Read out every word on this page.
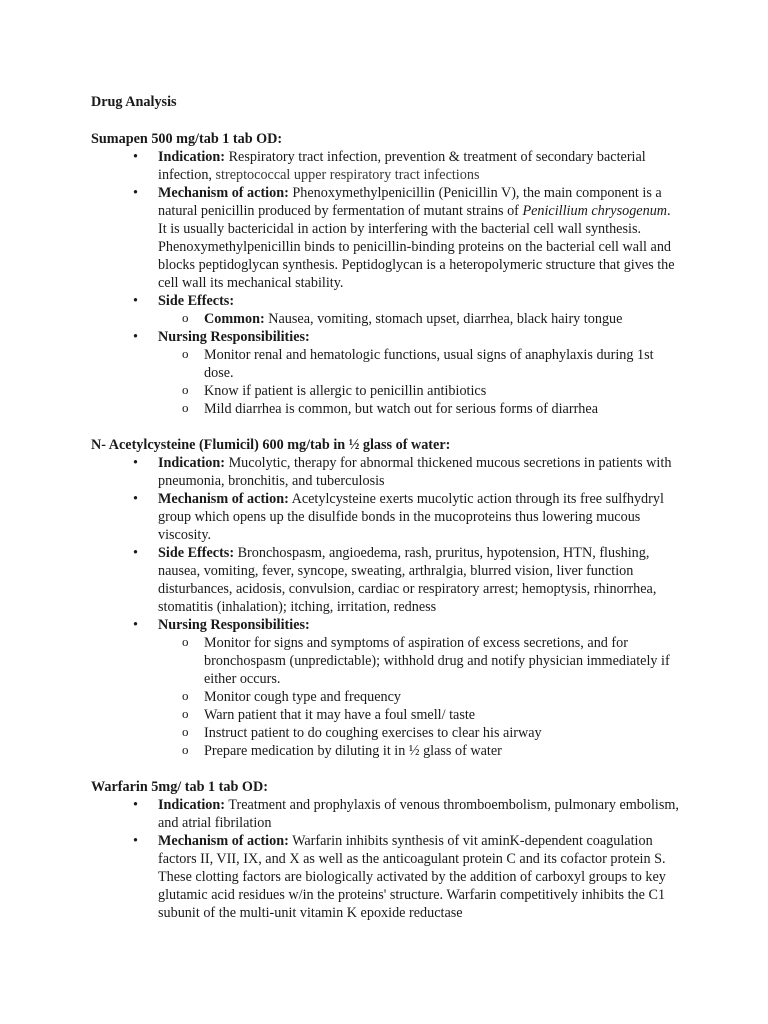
Drug Analysis

Sumapen 500 mg/tab 1 tab OD:

• Indication: Respiratory tract infection, prevention & treatment of secondary bacterial infection, streptococcal upper respiratory tract infections
• Mechanism of action: Phenoxymethylpenicillin (Penicillin V), the main component is a natural penicillin produced by fermentation of mutant strains of Penicillium chrysogenum. It is usually bactericidal in action by interfering with the bacterial cell wall synthesis. Phenoxymethylpenicillin binds to penicillin-binding proteins on the bacterial cell wall and blocks peptidoglycan synthesis. Peptidoglycan is a heteropolymeric structure that gives the cell wall its mechanical stability.
• Side Effects:
o Common: Nausea, vomiting, stomach upset, diarrhea, black hairy tongue
• Nursing Responsibilities:
o Monitor renal and hematologic functions, usual signs of anaphylaxis during 1st dose.
o Know if patient is allergic to penicillin antibiotics
o Mild diarrhea is common, but watch out for serious forms of diarrhea

N- Acetylcysteine (Flumicil) 600 mg/tab in ½ glass of water:

• Indication: Mucolytic, therapy for abnormal thickened mucous secretions in patients with pneumonia, bronchitis, and tuberculosis
• Mechanism of action: Acetylcysteine exerts mucolytic action through its free sulfhydryl group which opens up the disulfide bonds in the mucoproteins thus lowering mucous viscosity.
• Side Effects: Bronchospasm, angioedema, rash, pruritus, hypotension, HTN, flushing, nausea, vomiting, fever, syncope, sweating, arthralgia, blurred vision, liver function disturbances, acidosis, convulsion, cardiac or respiratory arrest; hemoptysis, rhinorrhea, stomatitis (inhalation); itching, irritation, redness
• Nursing Responsibilities:
o Monitor for signs and symptoms of aspiration of excess secretions, and for bronchospasm (unpredictable); withhold drug and notify physician immediately if either occurs.
o Monitor cough type and frequency
o Warn patient that it may have a foul smell/ taste
o Instruct patient to do coughing exercises to clear his airway
o Prepare medication by diluting it in ½ glass of water

Warfarin 5mg/ tab 1 tab OD:

• Indication: Treatment and prophylaxis of venous thromboembolism, pulmonary embolism, and atrial fibrilation
• Mechanism of action: Warfarin inhibits synthesis of vit aminK-dependent coagulation factors II, VII, IX, and X as well as the anticoagulant protein C and its cofactor protein S. These clotting factors are biologically activated by the addition of carboxyl groups to key glutamic acid residues w/in the proteins' structure. Warfarin competitively inhibits the C1 subunit of the multi-unit vitamin K epoxide reductase
